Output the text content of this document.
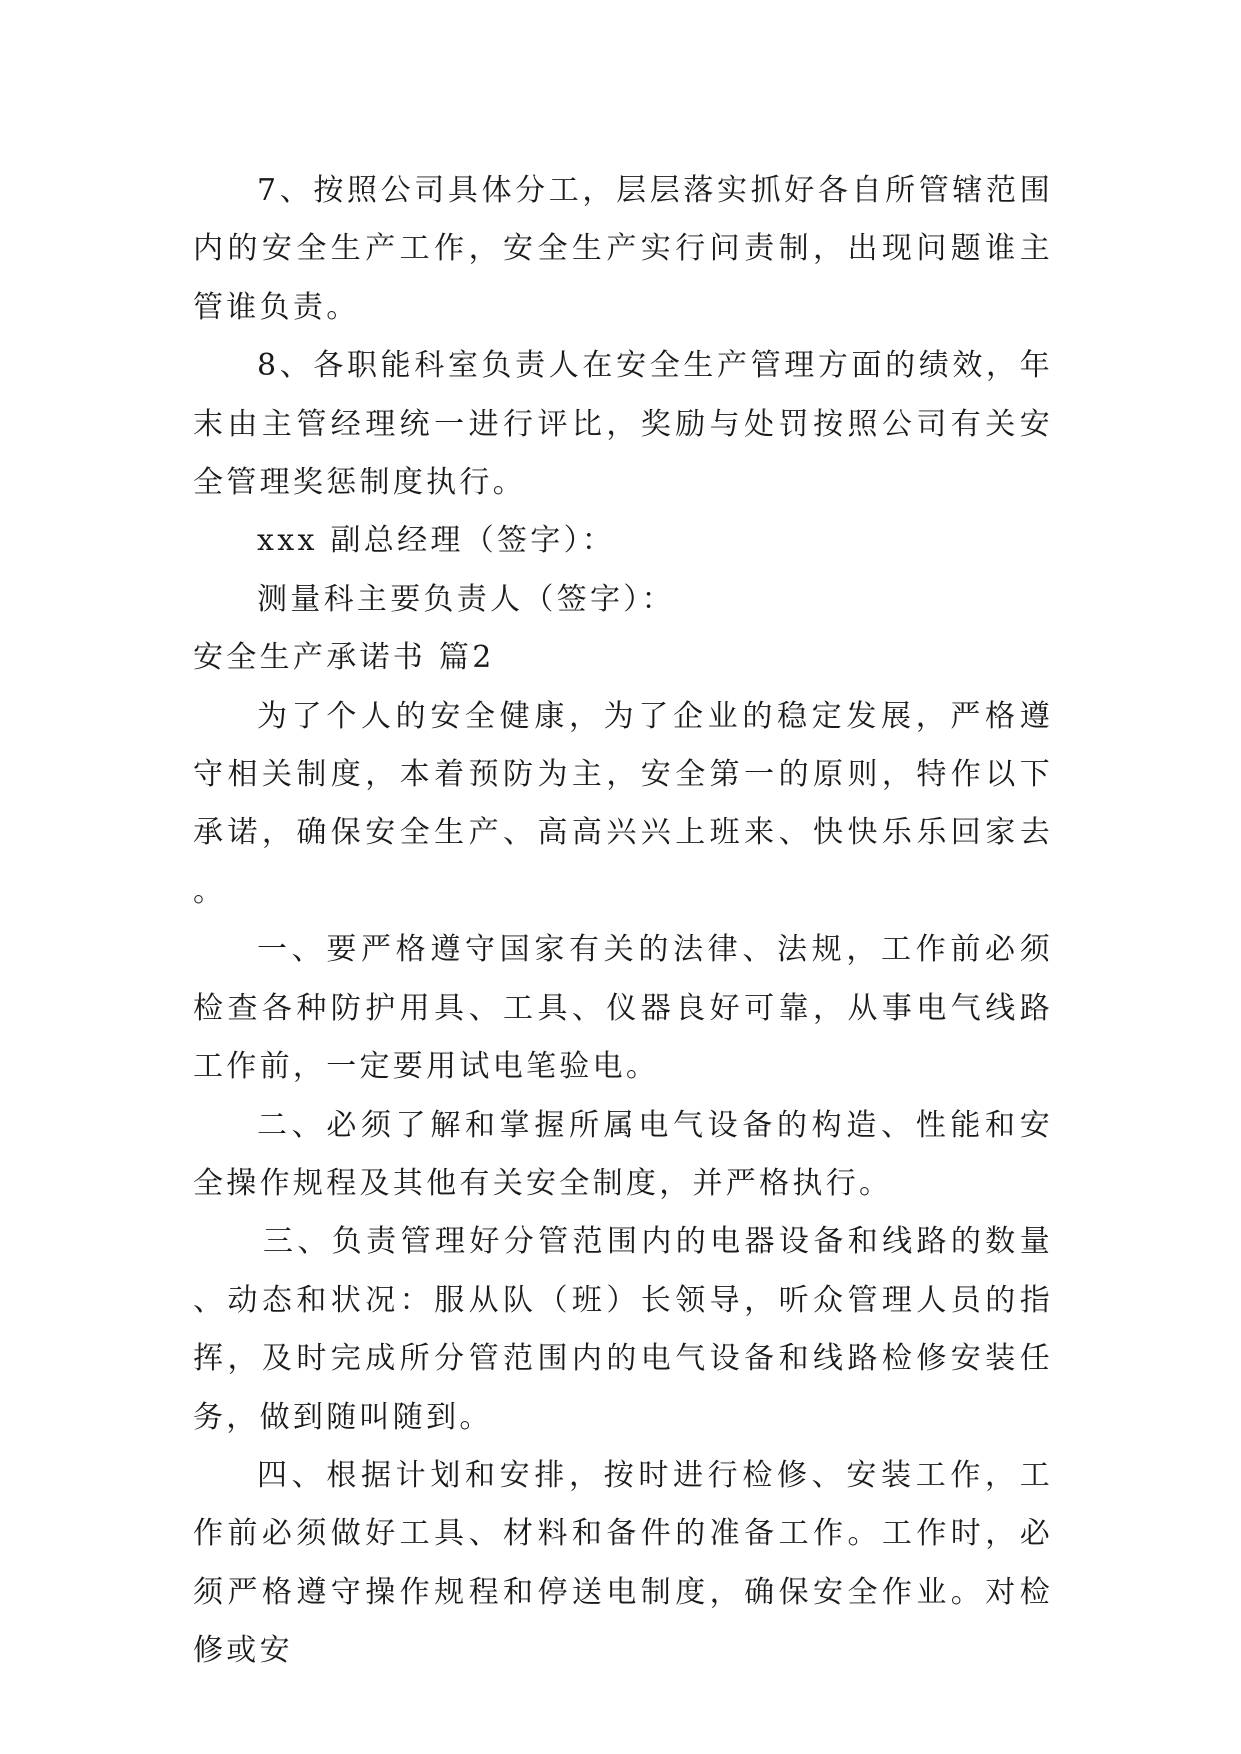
7、按照公司具体分工，层层落实抓好各自所管辖范围内的安全生产工作，安全生产实行问责制，出现问题谁主管谁负责。

8、各职能科室负责人在安全生产管理方面的绩效，年末由主管经理统一进行评比，奖励与处罚按照公司有关安全管理奖惩制度执行。

xxx 副总经理（签字）：

测量科主要负责人（签字）：

安全生产承诺书 篇2

为了个人的安全健康，为了企业的稳定发展，严格遵守相关制度，本着预防为主，安全第一的原则，特作以下承诺，确保安全生产、高高兴兴上班来、快快乐乐回家去。

一、要严格遵守国家有关的法律、法规，工作前必须检查各种防护用具、工具、仪器良好可靠，从事电气线路工作前，一定要用试电笔验电。

二、必须了解和掌握所属电气设备的构造、性能和安全操作规程及其他有关安全制度，并严格执行。

三、负责管理好分管范围内的电器设备和线路的数量、动态和状况：服从队（班）长领导，听众管理人员的指挥，及时完成所分管范围内的电气设备和线路检修安装任务，做到随叫随到。

四、根据计划和安排，按时进行检修、安装工作，工作前必须做好工具、材料和备件的准备工作。工作时，必须严格遵守操作规程和停送电制度，确保安全作业。对检修或安
